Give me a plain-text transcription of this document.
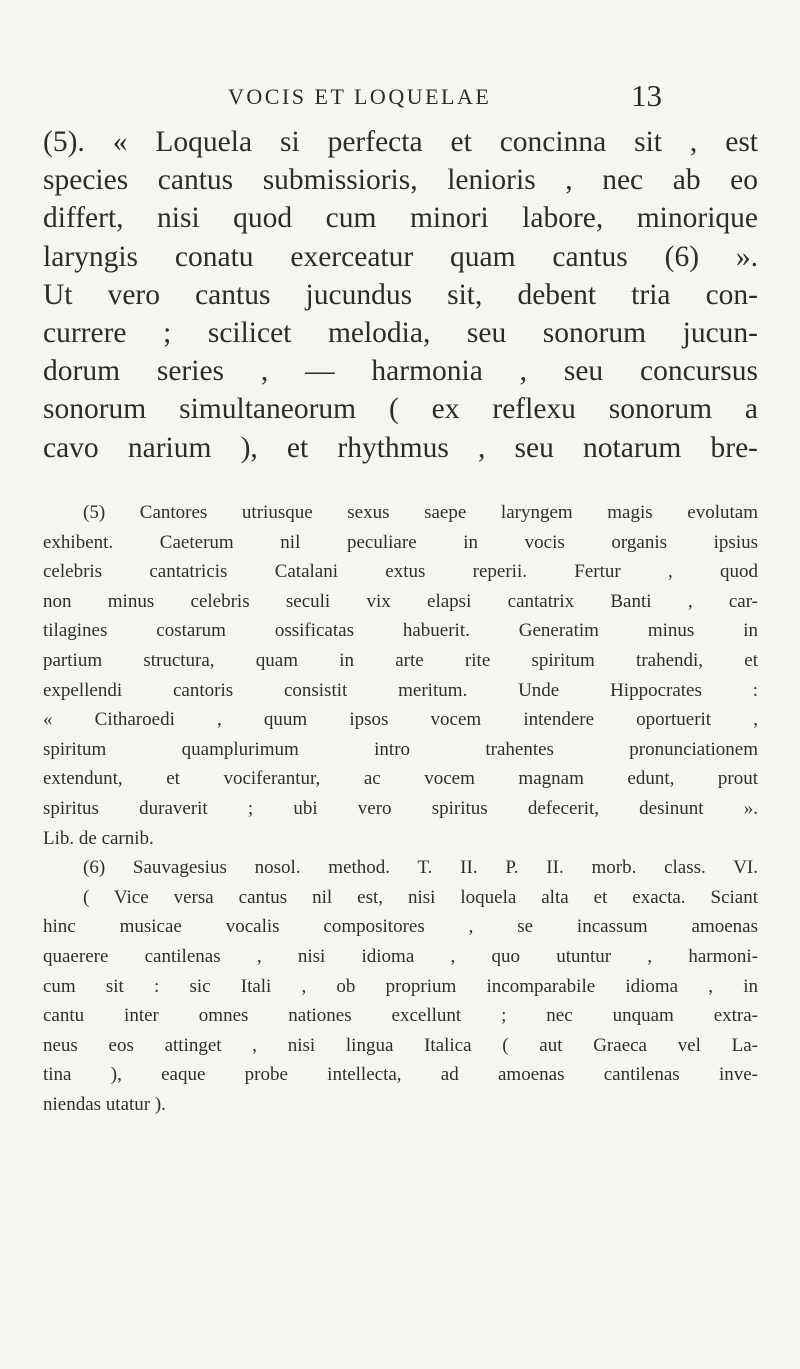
VOCIS ET LOQUELAE	13
(5). « Loquela si perfecta et concinna sit , est
species cantus submissioris, lenioris , nec ab eo
differt, nisi quod cum minori labore, minorique
laryngis conatu exerceatur quam cantus (6) ».
Ut vero cantus jucundus sit, debent tria con-
currere ; scilicet melodia, seu sonorum jucun-
dorum series , — harmonia , seu concursus
sonorum simultaneorum ( ex reflexu sonorum a
cavo narium ), et rhythmus , seu notarum bre-
(5) Cantores utriusque sexus saepe laryngem magis evolutam
exhibent. Caeterum nil peculiare in vocis organis ipsius
celebris cantatricis Catalani extus reperii. Fertur , quod
non minus celebris seculi vix elapsi cantatrix Banti , car-
tilagines costarum ossificatas habuerit. Generatim minus in
partium structura, quam in arte rite spiritum trahendi, et
expellendi cantoris consistit meritum. Unde Hippocrates :
« Citharoedi , quum ipsos vocem intendere oportuerit ,
spiritum quamplurimum intro trahentes pronunciationem
extendunt, et vociferantur, ac vocem magnam edunt, prout
spiritus duraverit ; ubi vero spiritus defecerit, desinunt ».
Lib. de carnib.
(6) Sauvagesius nosol. method. T. II. P. II. morb. class. VI.
( Vice versa cantus nil est, nisi loquela alta et exacta. Sciant
hinc musicae vocalis compositores , se incassum amoenas
quaerere cantilenas , nisi idioma , quo utuntur , harmoni-
cum sit : sic Itali , ob proprium incomparabile idioma , in
cantu inter omnes nationes excellunt ; nec unquam extra-
neus eos attinget , nisi lingua Italica ( aut Graeca vel La-
tina ), eaque probe intellecta, ad amoenas cantilenas inve-
niendas utatur ).
